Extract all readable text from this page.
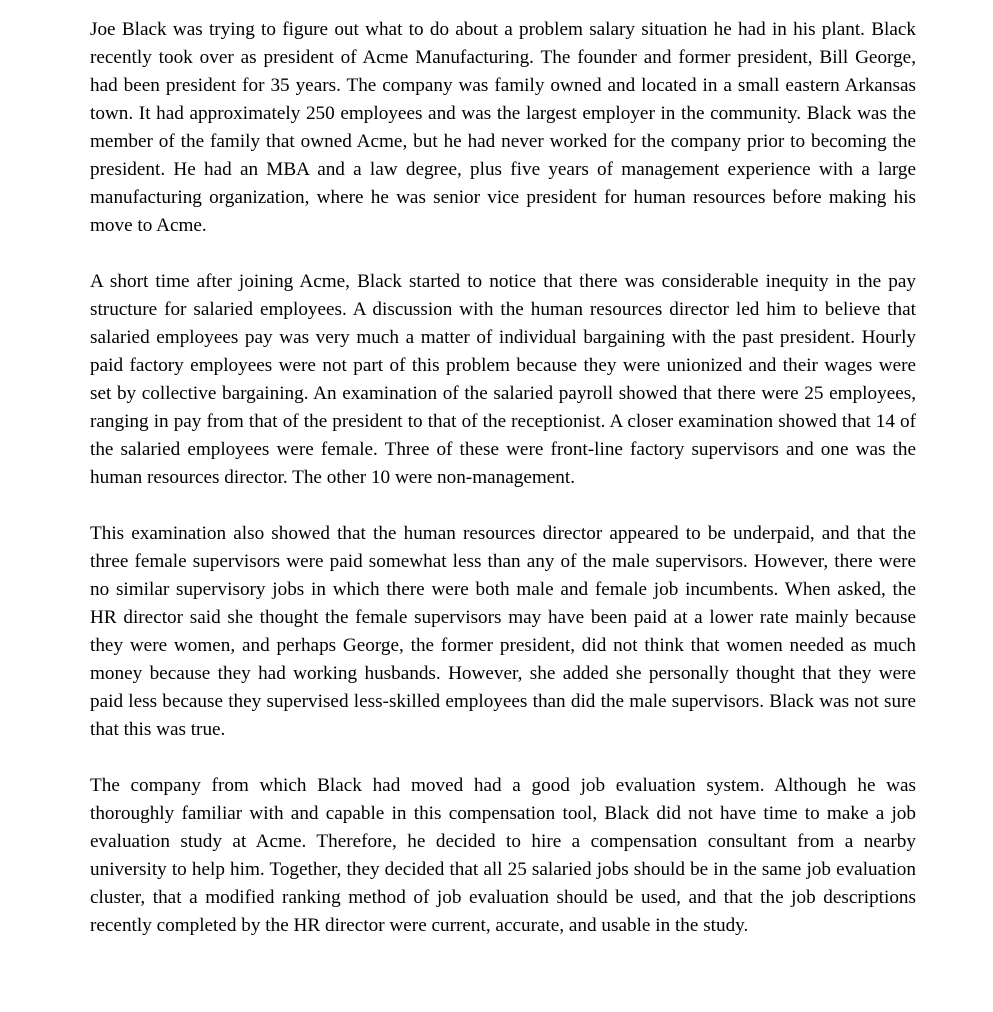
Joe Black was trying to figure out what to do about a problem salary situation he had in his plant. Black recently took over as president of Acme Manufacturing. The founder and former president, Bill George, had been president for 35 years. The company was family owned and located in a small eastern Arkansas town. It had approximately 250 employees and was the largest employer in the community. Black was the member of the family that owned Acme, but he had never worked for the company prior to becoming the president. He had an MBA and a law degree, plus five years of management experience with a large manufacturing organization, where he was senior vice president for human resources before making his move to Acme.

A short time after joining Acme, Black started to notice that there was considerable inequity in the pay structure for salaried employees. A discussion with the human resources director led him to believe that salaried employees pay was very much a matter of individual bargaining with the past president. Hourly paid factory employees were not part of this problem because they were unionized and their wages were set by collective bargaining. An examination of the salaried payroll showed that there were 25 employees, ranging in pay from that of the president to that of the receptionist. A closer examination showed that 14 of the salaried employees were female. Three of these were front-line factory supervisors and one was the human resources director. The other 10 were non-management.

This examination also showed that the human resources director appeared to be underpaid, and that the three female supervisors were paid somewhat less than any of the male supervisors. However, there were no similar supervisory jobs in which there were both male and female job incumbents. When asked, the HR director said she thought the female supervisors may have been paid at a lower rate mainly because they were women, and perhaps George, the former president, did not think that women needed as much money because they had working husbands. However, she added she personally thought that they were paid less because they supervised less-skilled employees than did the male supervisors. Black was not sure that this was true.

The company from which Black had moved had a good job evaluation system. Although he was thoroughly familiar with and capable in this compensation tool, Black did not have time to make a job evaluation study at Acme. Therefore, he decided to hire a compensation consultant from a nearby university to help him. Together, they decided that all 25 salaried jobs should be in the same job evaluation cluster, that a modified ranking method of job evaluation should be used, and that the job descriptions recently completed by the HR director were current, accurate, and usable in the study.
